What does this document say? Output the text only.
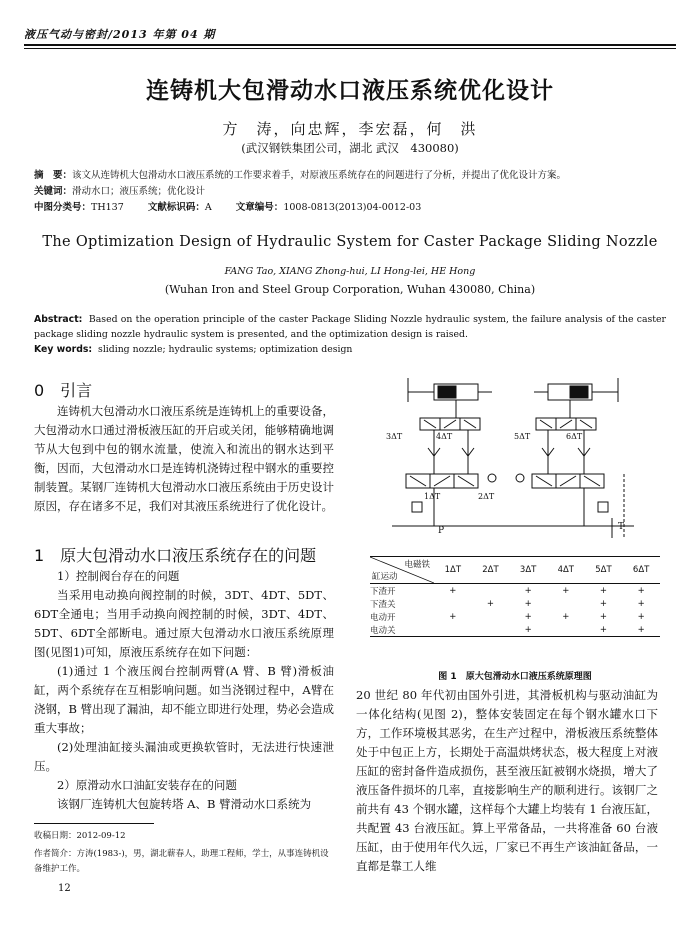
液压气动与密封/2013 年第 04 期
连铸机大包滑动水口液压系统优化设计
方　涛，向忠辉，李宏磊，何　洪
(武汉钢铁集团公司，湖北 武汉　430080)
摘　要：该文从连铸机大包滑动水口液压系统的工作要求着手，对原液压系统存在的问题进行了分析，并提出了优化设计方案。
关键词：滑动水口；液压系统；优化设计
中图分类号：TH137	文献标识码：A	文章编号：1008-0813(2013)04-0012-03
The Optimization Design of Hydraulic System for Caster Package Sliding Nozzle
FANG Tao, XIANG Zhong-hui, LI Hong-lei, HE Hong
(Wuhan Iron and Steel Group Corporation, Wuhan 430080, China)
Abstract: Based on the operation principle of the caster Package Sliding Nozzle hydraulic system, the failure analysis of the caster package sliding nozzle hydraulic system is presented, and the optimization design is raised.
Key words: sliding nozzle; hydraulic systems; optimization design
0　引言
连铸机大包滑动水口液压系统是连铸机上的重要设备，大包滑动水口通过滑板液压缸的开启或关闭，能够精确地调节从大包到中包的钢水流量，使流入和流出的钢水达到平衡，因而，大包滑动水口是连铸机浇铸过程中钢水的重要控制装置。某钢厂连铸机大包滑动水口液压系统由于历史设计原因，存在诸多不足，我们对其液压系统进行了优化设计。
1　原大包滑动水口液压系统存在的问题
1）控制阀台存在的问题
当采用电动换向阀控制的时候，3DT、4DT、5DT、6DT全通电；当用手动换向阀控制的时候，3DT、4DT、5DT、6DT全部断电。通过原大包滑动水口液压系统原理图(见图1)可知，原液压系统存在如下问题：
(1)通过 1 个液压阀台控制两臂(A 臂、B 臂)滑板油缸，两个系统存在互相影响问题。如当浇钢过程中，A臂在浇钢，B 臂出现了漏油，却不能立即进行处理，势必会造成重大事故；
(2)处理油缸接头漏油或更换软管时，无法进行快速泄压。
2）原滑动水口油缸安装存在的问题
该钢厂连铸机大包旋转塔 A、B 臂滑动水口系统为
收稿日期：2012-09-12
作者简介：方涛(1983-)，男，湖北蕲春人，助理工程师，学士，从事连铸机设备维护工作。
12
3ΔT	4ΔT	5ΔT	6ΔT
1ΔT	2ΔT
P	T
电磁铁
缸运动	1ΔT	2ΔT	3ΔT	4ΔT	5ΔT	6ΔT
下渣开	+		+	+	+	+
下渣关		+	+		+	+
电动开	+		+	+	+	+
电动关			+		+	+
图 1　原大包滑动水口液压系统原理图
20 世纪 80 年代初由国外引进，其滑板机构与驱动油缸为一体化结构(见图 2)，整体安装固定在每个钢水罐水口下方，工作环境极其恶劣，在生产过程中，滑板液压系统整体处于中包正上方，长期处于高温烘烤状态，极大程度上对液压缸的密封备件造成损伤，甚至液压缸被钢水烧损，增大了液压备件损坏的几率，直接影响生产的顺利进行。该钢厂之前共有 43 个钢水罐，这样每个大罐上均装有 1 台液压缸，共配置 43 台液压缸。算上平常备品，一共将准备 60 台液压缸，由于使用年代久远，厂家已不再生产该油缸备品，一直都是靠工人维
